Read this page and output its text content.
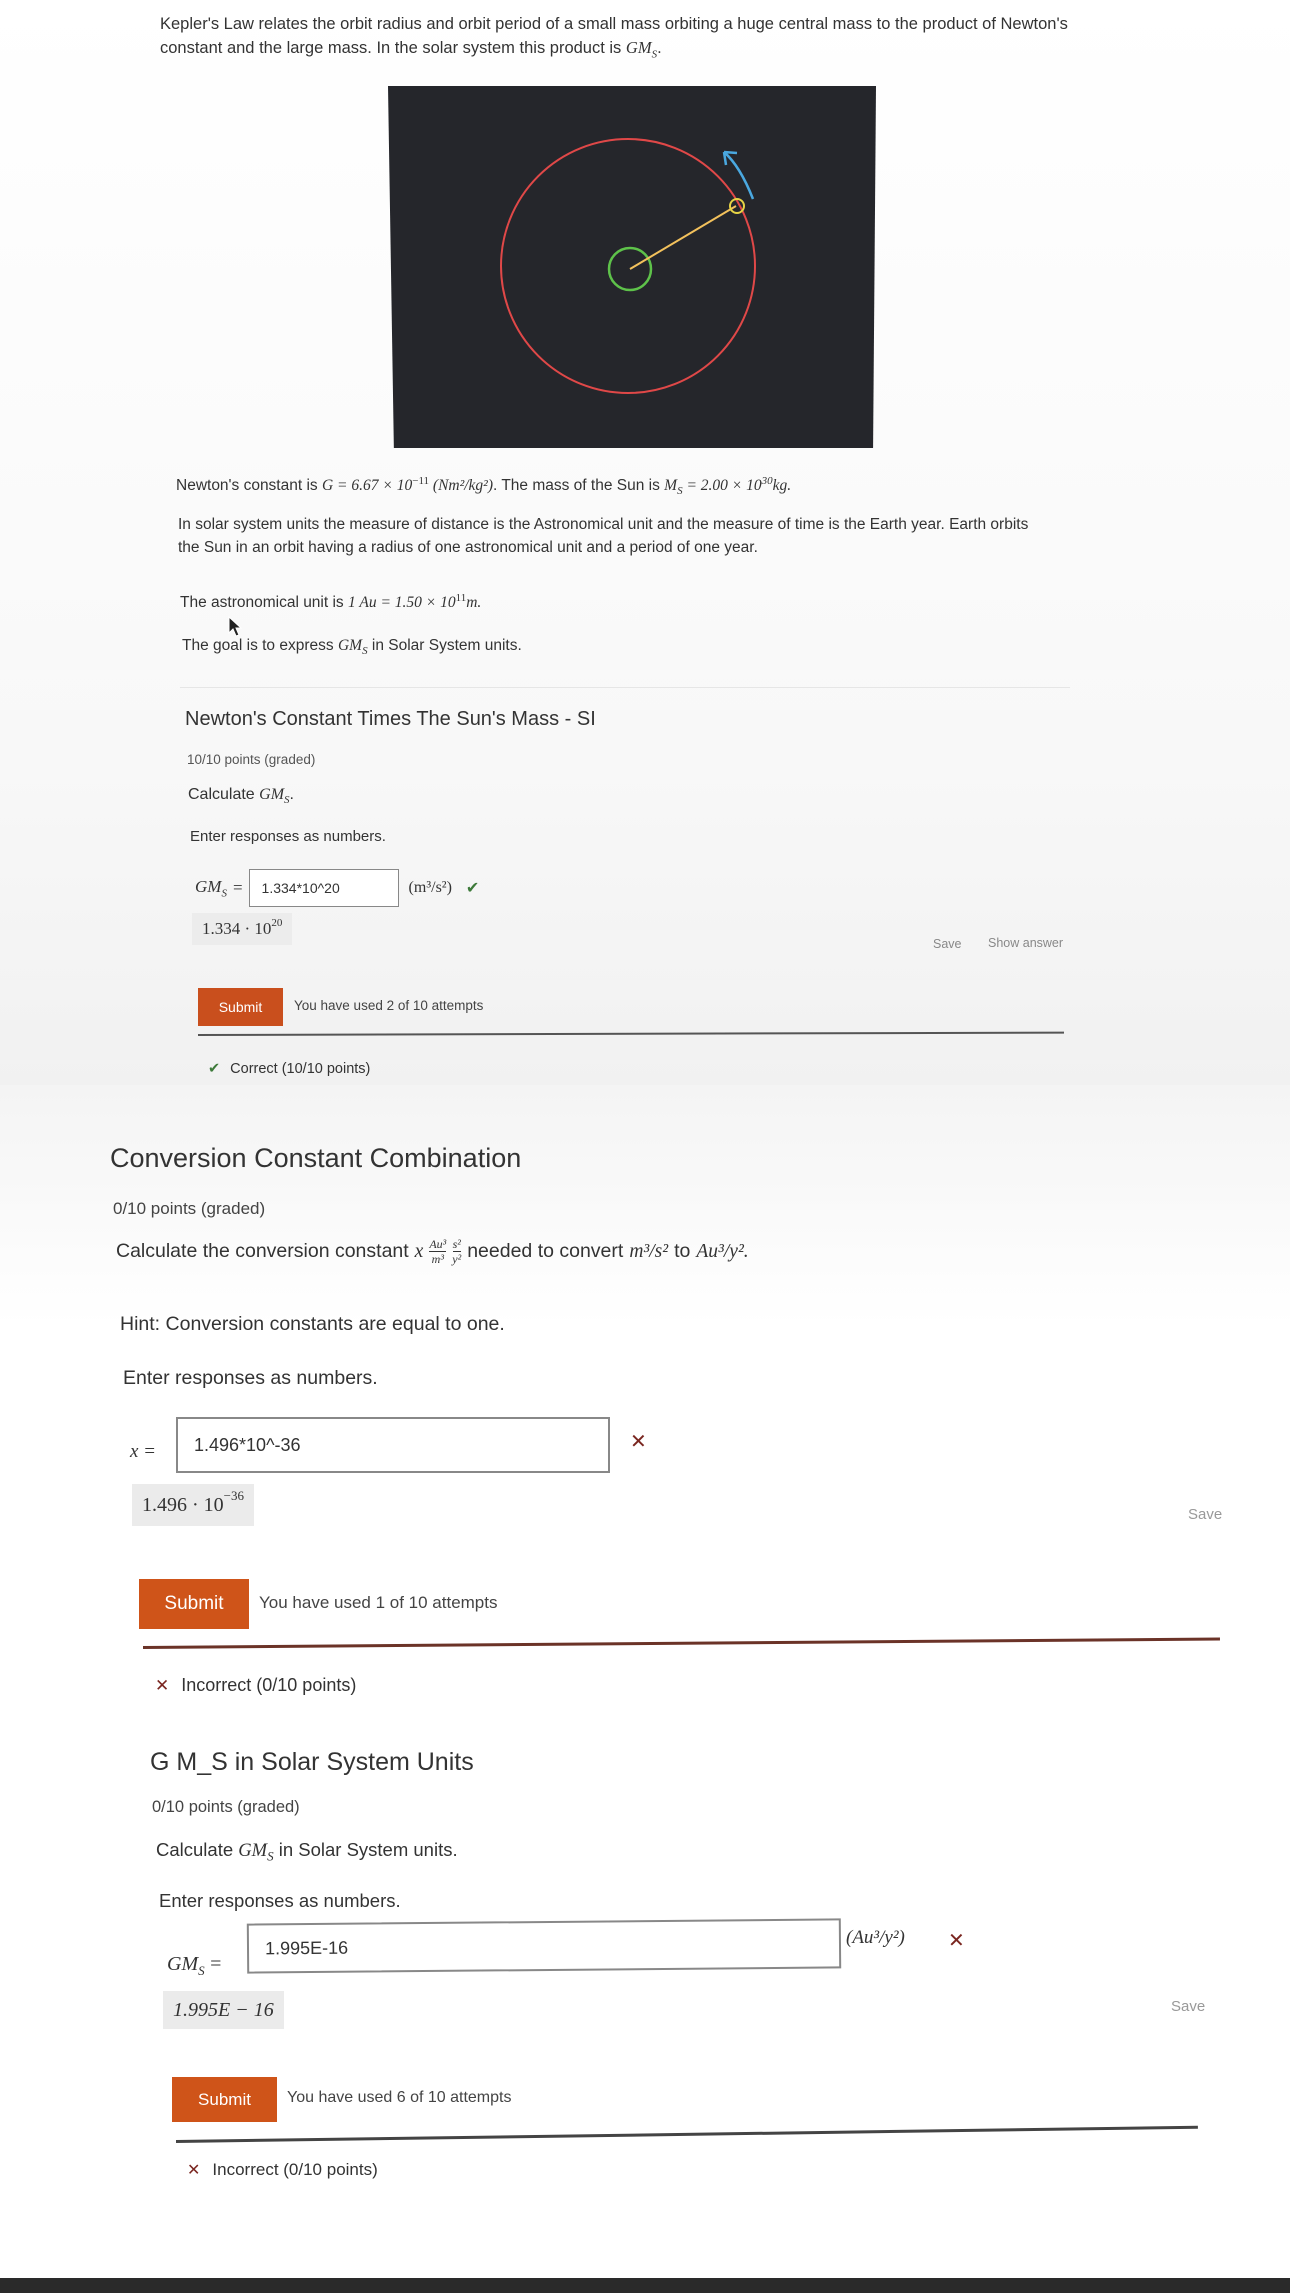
Kepler's Law relates the orbit radius and orbit period of a small mass orbiting a huge central mass to the product of Newton's
constant and the large mass. In the solar system this product is $GM_S$.

Newton's constant is $G = 6.67 \times 10^{-11}$ (Nm²/kg²). The mass of the Sun is $M_S = 2.00 \times 10^{30}kg$.

In solar system units the measure of distance is the Astronomical unit and the measure of time is the Earth year. Earth orbits
the Sun in an orbit having a radius of one astronomical unit and a period of one year.

The astronomical unit is 1 $Au = 1.50 \times 10^{11}m$.

The goal is to express $GM_S$ in Solar System units.

Newton's Constant Times The Sun's Mass - SI
10/10 points (graded)
Calculate $GM_S$.
Enter responses as numbers.
$GM_S$ =	1.334*10^20	(m³/s²) ✔
$1.334 \cdot 10^{20}$
Save Show answer
Submit	You have used 2 of 10 attempts
✔ Correct (10/10 points)
Conversion Constant Combination
0/10 points (graded)
Calculate the conversion constant x Au³
m³
s²
y² needed to convert m³/s² to Au³/y².
Hint: Conversion constants are equal to one.
Enter responses as numbers.
x =	1.496*10^-36	✕
$1.496 \cdot 10^{-36}$
Save
Submit	You have used 1 of 10 attempts
✕ Incorrect (0/10 points)
G M_S in Solar System Units
0/10 points (graded)
Calculate $GM_S$ in Solar System units.
Enter responses as numbers.
$GM_S$ =
1.995E-16	(Au³/y²) ✕
1.995E − 16	Save
Submit	You have used 6 of 10 attempts
✕ Incorrect (0/10 points)
